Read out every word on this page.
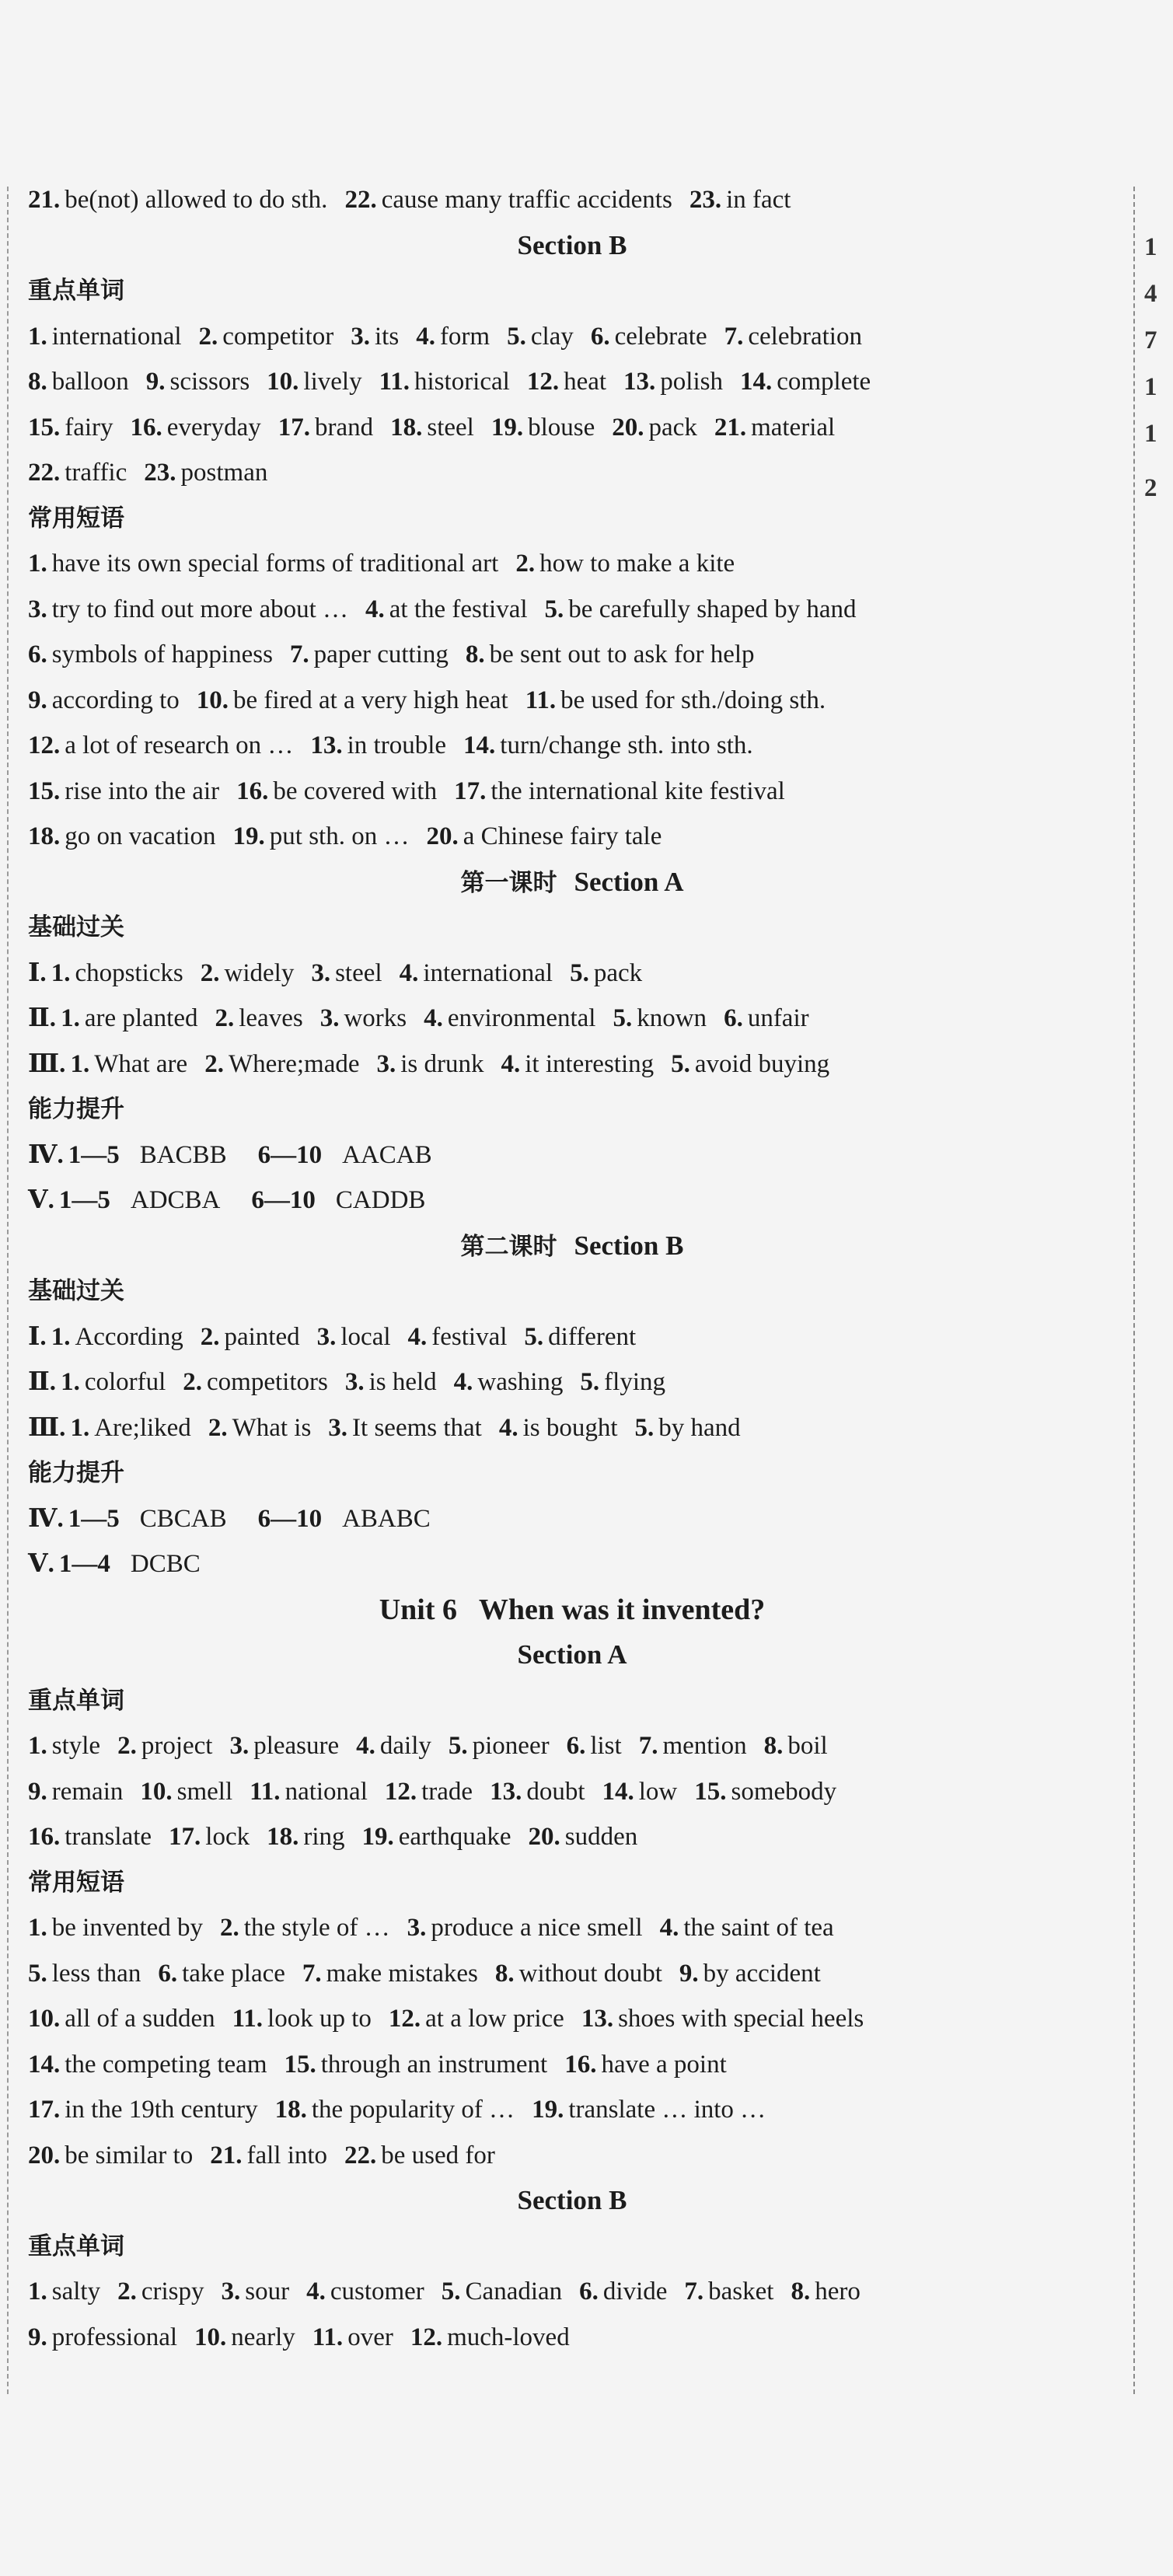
21. be(not) allowed to do sth. 22. cause many traffic accidents 23. in fact
Section B
重点单词
1. international 2. competitor 3. its 4. form 5. clay 6. celebrate 7. celebration
8. balloon 9. scissors 10. lively 11. historical 12. heat 13. polish 14. complete
15. fairy 16. everyday 17. brand 18. steel 19. blouse 20. pack 21. material
22. traffic 23. postman
常用短语
1. have its own special forms of traditional art 2. how to make a kite
3. try to find out more about … 4. at the festival 5. be carefully shaped by hand
6. symbols of happiness 7. paper cutting 8. be sent out to ask for help
9. according to 10. be fired at a very high heat 11. be used for sth./doing sth.
12. a lot of research on … 13. in trouble 14. turn/change sth. into sth.
15. rise into the air 16. be covered with 17. the international kite festival
18. go on vacation 19. put sth. on … 20. a Chinese fairy tale
第一课时 Section A
基础过关
Ⅰ. 1. chopsticks 2. widely 3. steel 4. international 5. pack
Ⅱ. 1. are planted 2. leaves 3. works 4. environmental 5. known 6. unfair
Ⅲ. 1. What are 2. Where;made 3. is drunk 4. it interesting 5. avoid buying
能力提升
Ⅳ. 1—5 BACBB 6—10 AACAB
Ⅴ. 1—5 ADCBA 6—10 CADDB
第二课时 Section B
基础过关
Ⅰ. 1. According 2. painted 3. local 4. festival 5. different
Ⅱ. 1. colorful 2. competitors 3. is held 4. washing 5. flying
Ⅲ. 1. Are;liked 2. What is 3. It seems that 4. is bought 5. by hand
能力提升
Ⅳ. 1—5 CBCAB 6—10 ABABC
Ⅴ. 1—4 DCBC
Unit 6   When was it invented?
Section A
重点单词
1. style 2. project 3. pleasure 4. daily 5. pioneer 6. list 7. mention 8. boil
9. remain 10. smell 11. national 12. trade 13. doubt 14. low 15. somebody
16. translate 17. lock 18. ring 19. earthquake 20. sudden
常用短语
1. be invented by 2. the style of … 3. produce a nice smell 4. the saint of tea
5. less than 6. take place 7. make mistakes 8. without doubt 9. by accident
10. all of a sudden 11. look up to 12. at a low price 13. shoes with special heels
14. the competing team 15. through an instrument 16. have a point
17. in the 19th century 18. the popularity of … 19. translate … into …
20. be similar to 21. fall into 22. be used for
Section B
重点单词
1. salty 2. crispy 3. sour 4. customer 5. Canadian 6. divide 7. basket 8. hero
9. professional 10. nearly 11. over 12. much-loved
1
4
7
1
1
2
